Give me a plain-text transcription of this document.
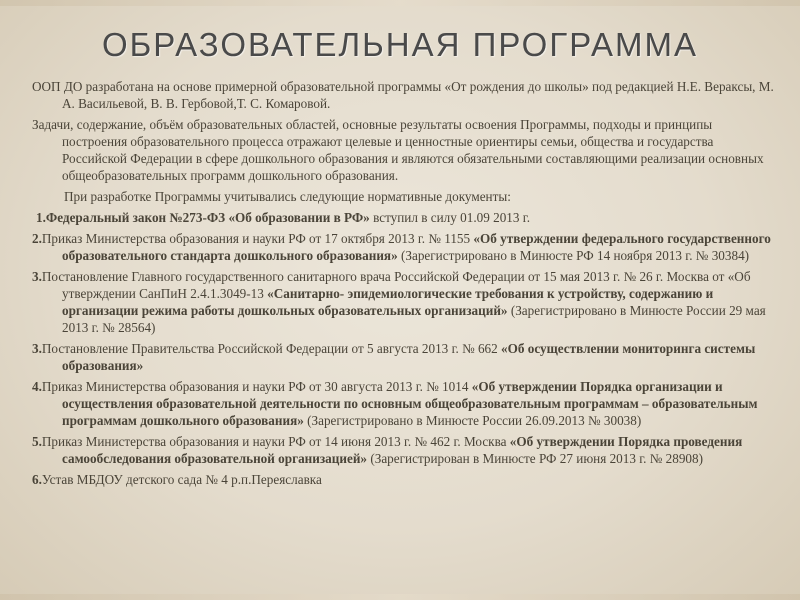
ОБРАЗОВАТЕЛЬНАЯ ПРОГРАММА

ООП ДО разработана на основе примерной образовательной программы «От рождения до школы» под редакцией Н.Е. Вераксы, М. А. Васильевой, В. В. Гербовой,Т. С. Комаровой.

Задачи, содержание, объём образовательных областей, основные результаты освоения Программы, подходы и принципы построения образовательного процесса отражают целевые и ценностные ориентиры семьи, общества и государства Российской Федерации в сфере дошкольного образования и являются обязательными составляющими реализации основных общеобразовательных программ дошкольного образования.

При разработке Программы учитывались следующие нормативные документы:

1.Федеральный закон №273-ФЗ «Об образовании в РФ» вступил в силу 01.09 2013 г.

2.Приказ Министерства образования и науки РФ от 17 октября 2013 г. № 1155 «Об утверждении федерального государственного образовательного стандарта дошкольного образования» (Зарегистрировано в Минюсте РФ 14 ноября 2013 г. № 30384)

3.Постановление Главного государственного санитарного врача Российской Федерации от 15 мая 2013 г. № 26 г. Москва от «Об утверждении СанПиН 2.4.1.3049-13 «Санитарно- эпидемиологические требования к устройству, содержанию и организации режима работы дошкольных образовательных организаций» (Зарегистрировано в Минюсте России 29 мая 2013 г. № 28564)

3.Постановление Правительства Российской Федерации от 5 августа 2013 г. № 662 «Об осуществлении мониторинга системы образования»

4.Приказ Министерства образования и науки РФ от 30 августа 2013 г. № 1014 «Об утверждении Порядка организации и осуществления образовательной деятельности по основным общеобразовательным программам – образовательным программам дошкольного образования» (Зарегистрировано в Минюсте России 26.09.2013 № 30038)

5.Приказ Министерства образования и науки РФ от 14 июня 2013 г. № 462 г. Москва «Об утверждении Порядка проведения самообследования образовательной организацией» (Зарегистрирован в Минюсте РФ 27 июня 2013 г. № 28908)

6.Устав МБДОУ детского сада № 4 р.п.Переяславка
